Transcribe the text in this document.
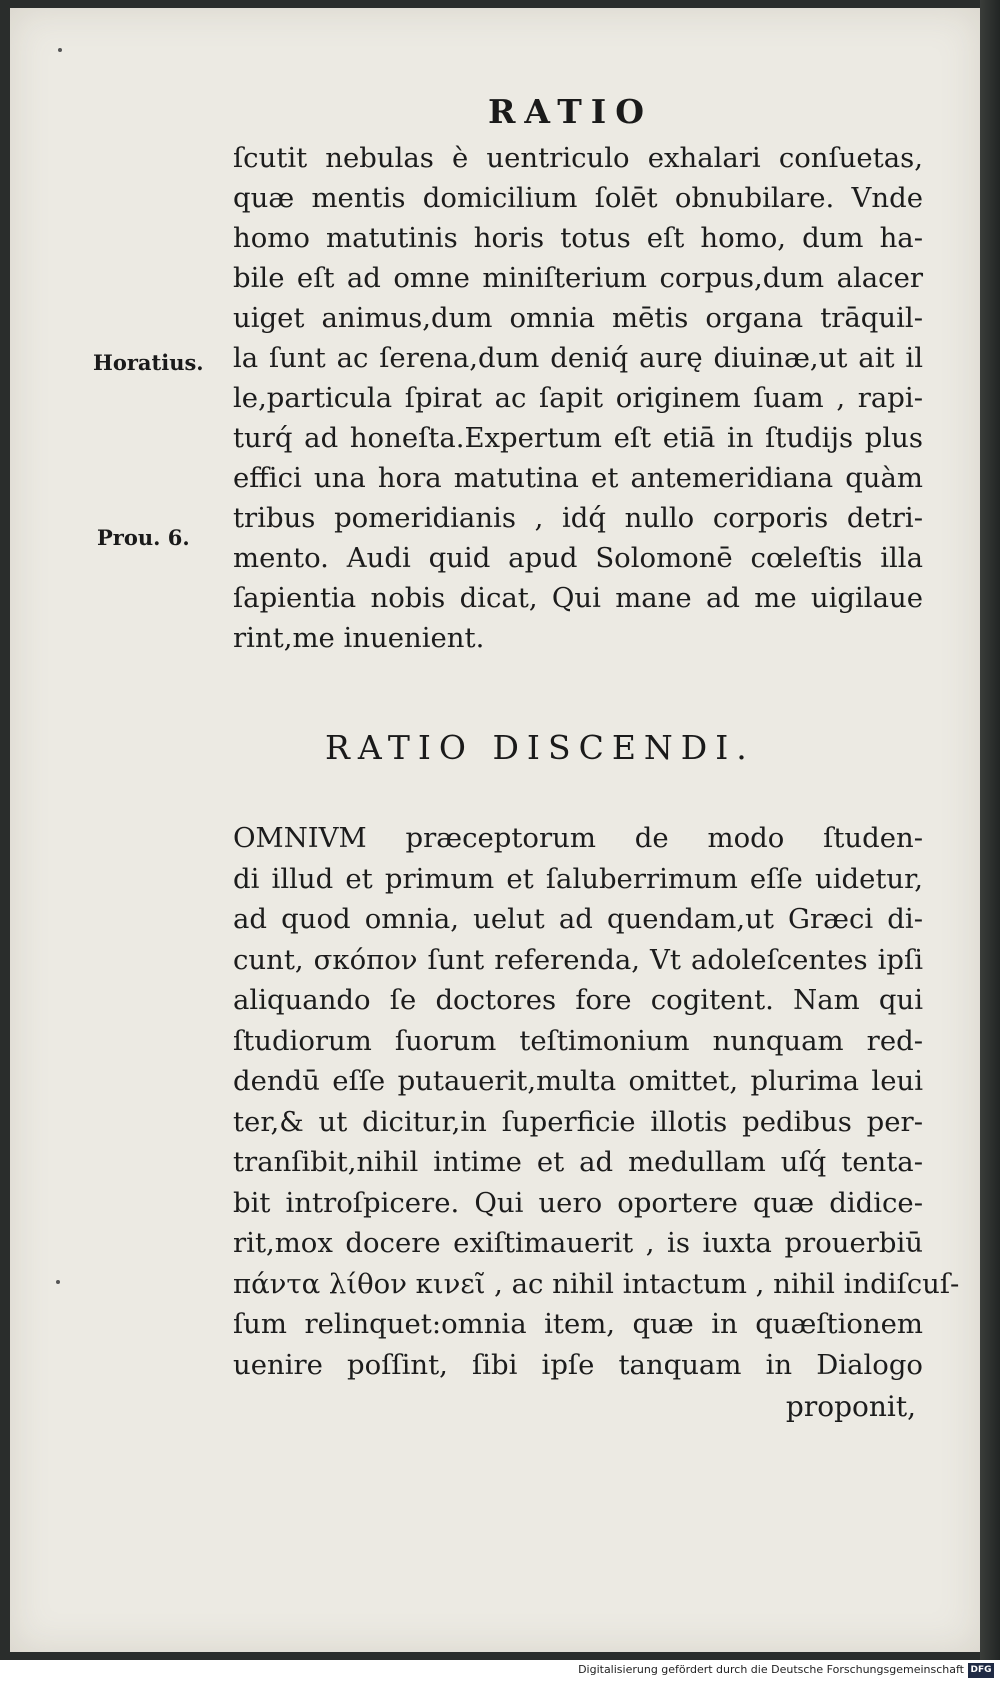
RATIO
Horatius.
Prou. 6.
ſcutit nebulas è uentriculo exhalari conſuetas,
quæ mentis domicilium ſolēt obnubilare. Vnde
homo matutinis horis totus eſt homo, dum ha-
bile eſt ad omne miniſterium corpus,dum alacer
uiget animus,dum omnia mētis organa trāquil-
la ſunt ac ſerena,dum deniq́ aurę diuinæ,ut ait il
le,particula ſpirat ac ſapit originem ſuam , rapi-
turq́ ad honeſta.Expertum eſt etiā in ſtudijs plus
effici una hora matutina et antemeridiana quàm
tribus pomeridianis , idq́ nullo corporis detri-
mento. Audi quid apud Solomonē cœleſtis illa
ſapientia nobis dicat, Qui mane ad me uigilaue
rint,me inuenient.
RATIO DISCENDI.
OMNIVM præceptorum de modo ſtuden-
di illud et primum et ſaluberrimum eſſe uidetur,
ad quod omnia, uelut ad quendam,ut Græci di-
cunt, σκόπον ſunt referenda, Vt adoleſcentes ipſi
aliquando ſe doctores fore cogitent. Nam qui
ſtudiorum ſuorum teſtimonium nunquam red-
dendū eſſe putauerit,multa omittet, plurima leui
ter,& ut dicitur,in ſuperficie illotis pedibus per-
tranſibit,nihil intime et ad medullam uſq́ tenta-
bit introſpicere. Qui uero oportere quæ didice-
rit,mox docere exiſtimauerit , is iuxta prouerbiū
πάντα λίθον κινεῖ , ac nihil intactum , nihil indiſcuſ-
ſum relinquet:omnia item, quæ in quæſtionem
uenire poſſint, ſibi ipſe tanquam in Dialogo
proponit,
Digitalisierung gefördert durch die Deutsche Forschungsgemeinschaft DFG
